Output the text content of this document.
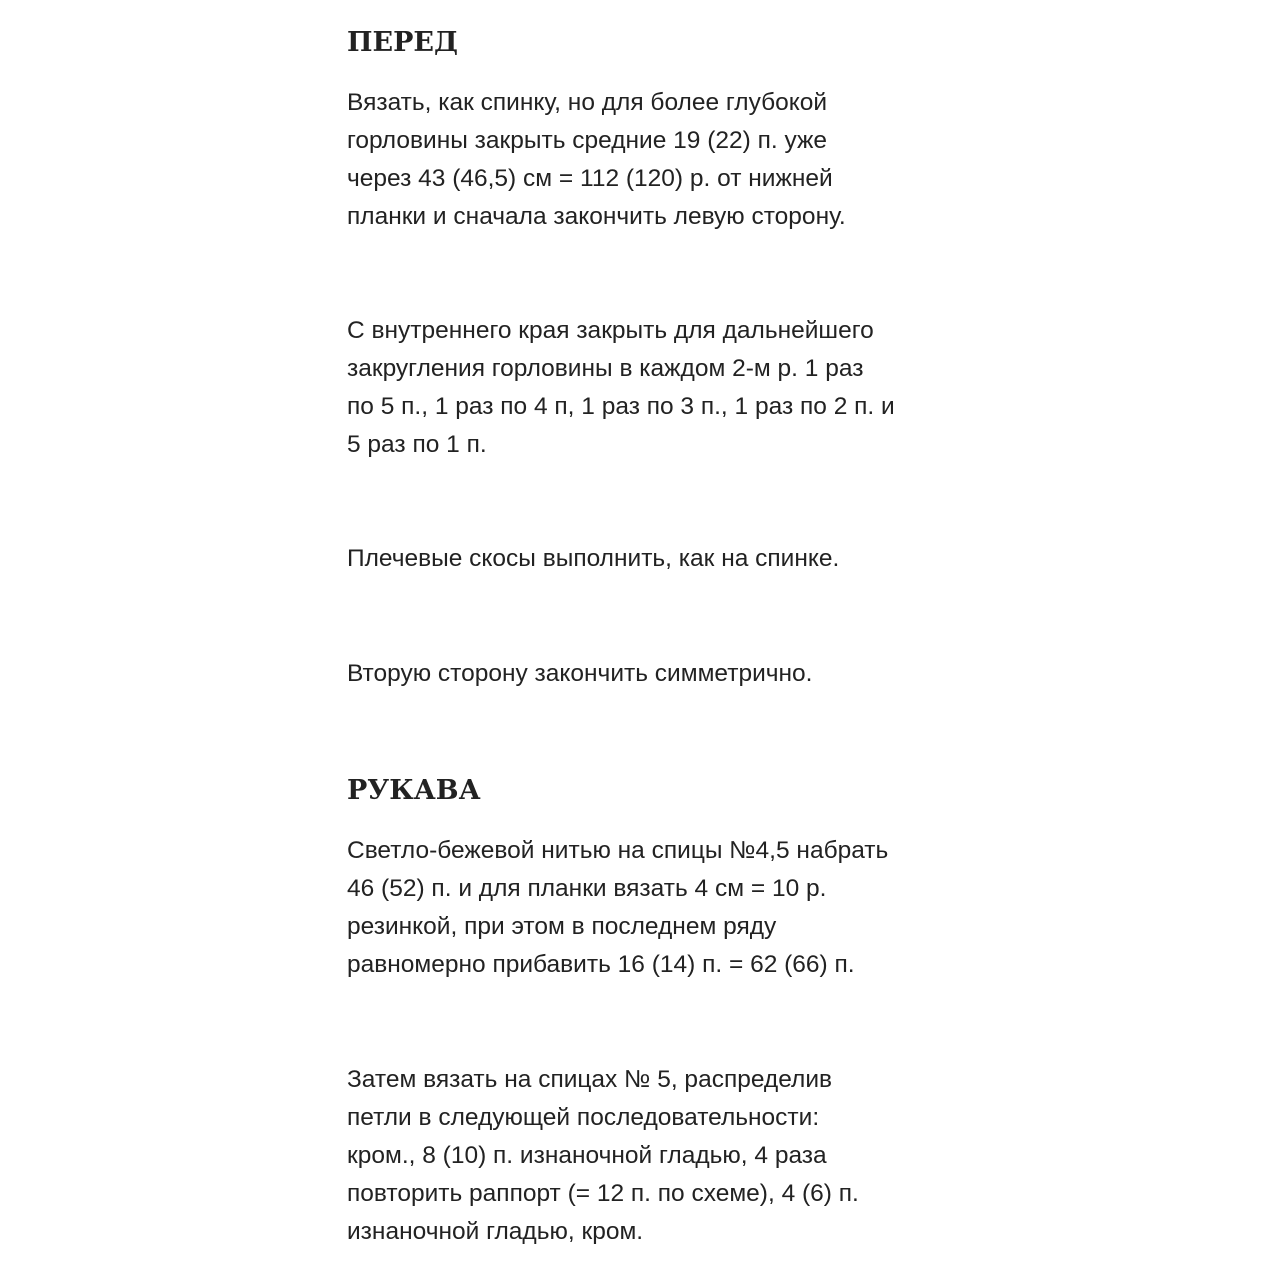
ПЕРЕД

Вязать, как спинку, но для более глубокой
горловины закрыть средние 19 (22) п. уже
через 43 (46,5) см = 112 (120) р. от нижней
планки и сначала закончить левую сторону.

С внутреннего края закрыть для дальнейшего
закругления горловины в каждом 2-м р. 1 раз
по 5 п., 1 раз по 4 п, 1 раз по 3 п., 1 раз по 2 п. и
5 раз по 1 п.

Плечевые скосы выполнить, как на спинке.

Вторую сторону закончить симметрично.

РУКАВА

Светло-бежевой нитью на спицы №4,5 набрать
46 (52) п. и для планки вязать 4 см = 10 р.
резинкой, при этом в последнем ряду
равномерно прибавить 16 (14) п. = 62 (66) п.

Затем вязать на спицах № 5, распределив
петли в следующей последовательности:
кром., 8 (10) п. изнаночной гладью, 4 раза
повторить раппорт (= 12 п. по схеме), 4 (6) п.
изнаночной гладью, кром.
